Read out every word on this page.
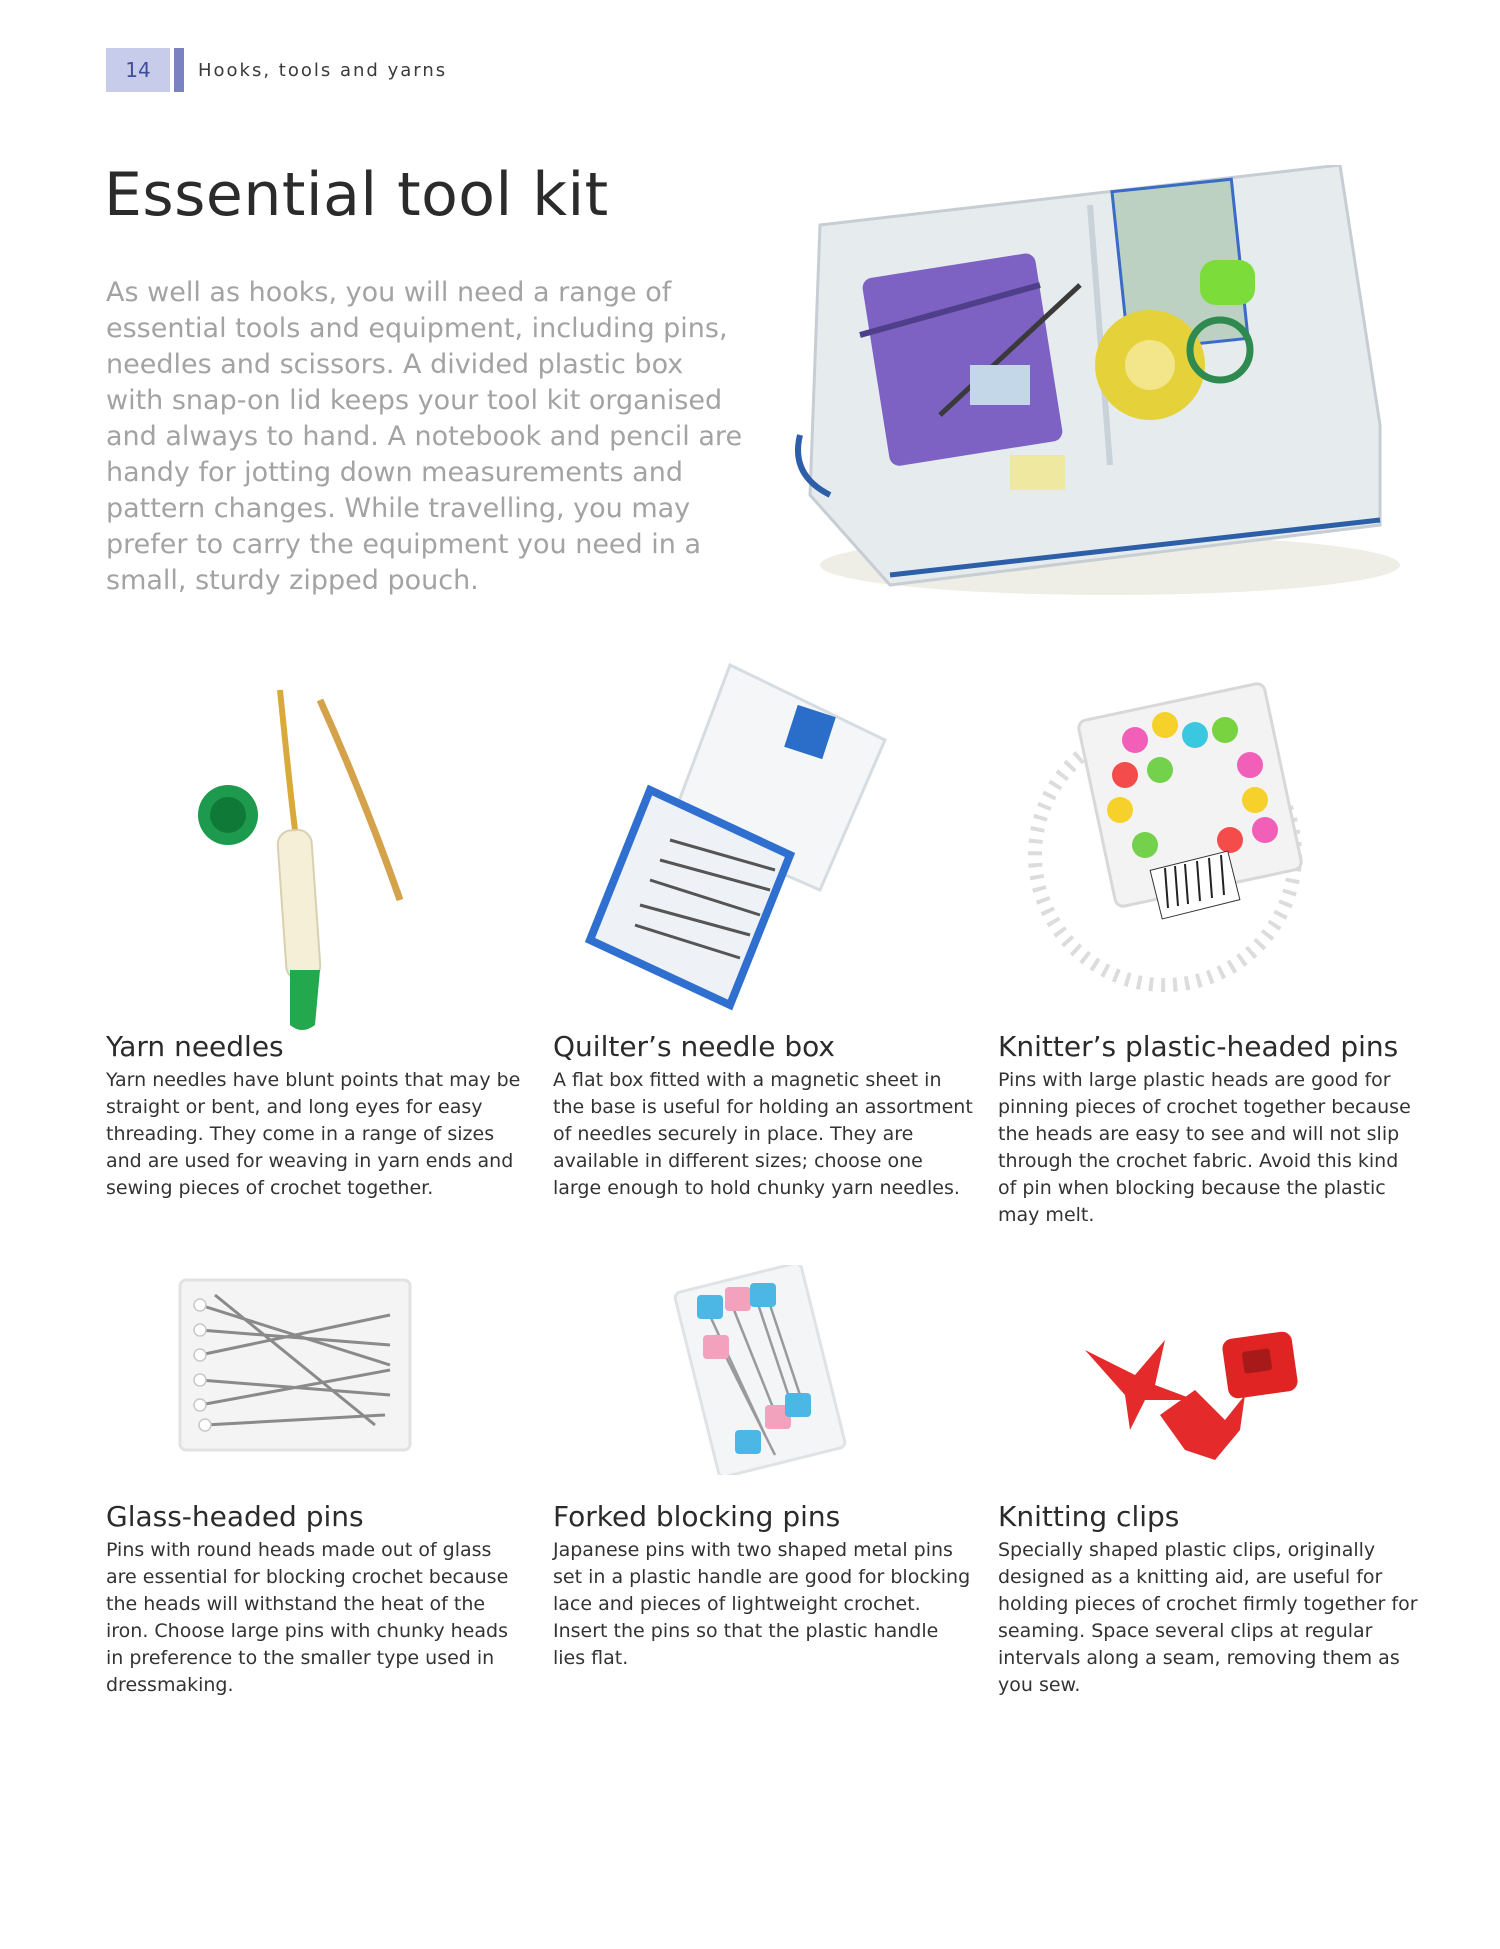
14	Hooks, tools and yarns
Essential tool kit

As well as hooks, you will need a range of essential tools and equipment, including pins, needles and scissors. A divided plastic box with snap-on lid keeps your tool kit organised and always to hand. A notebook and pencil are handy for jotting down measurements and pattern changes. While travelling, you may prefer to carry the equipment you need in a small, sturdy zipped pouch.

Yarn needles

Yarn needles have blunt points that may be straight or bent, and long eyes for easy threading. They come in a range of sizes and are used for weaving in yarn ends and sewing pieces of crochet together.

Quilter’s needle box

A flat box fitted with a magnetic sheet in the base is useful for holding an assortment of needles securely in place. They are available in different sizes; choose one large enough to hold chunky yarn needles.

Knitter’s plastic-headed pins

Pins with large plastic heads are good for pinning pieces of crochet together because the heads are easy to see and will not slip through the crochet fabric. Avoid this kind of pin when blocking because the plastic may melt.

Glass-headed pins

Pins with round heads made out of glass are essential for blocking crochet because the heads will withstand the heat of the iron. Choose large pins with chunky heads in preference to the smaller type used in dressmaking.

Forked blocking pins

Japanese pins with two shaped metal pins set in a plastic handle are good for blocking lace and pieces of lightweight crochet. Insert the pins so that the plastic handle lies flat.

Knitting clips

Specially shaped plastic clips, originally designed as a knitting aid, are useful for holding pieces of crochet firmly together for seaming. Space several clips at regular intervals along a seam, removing them as you sew.
